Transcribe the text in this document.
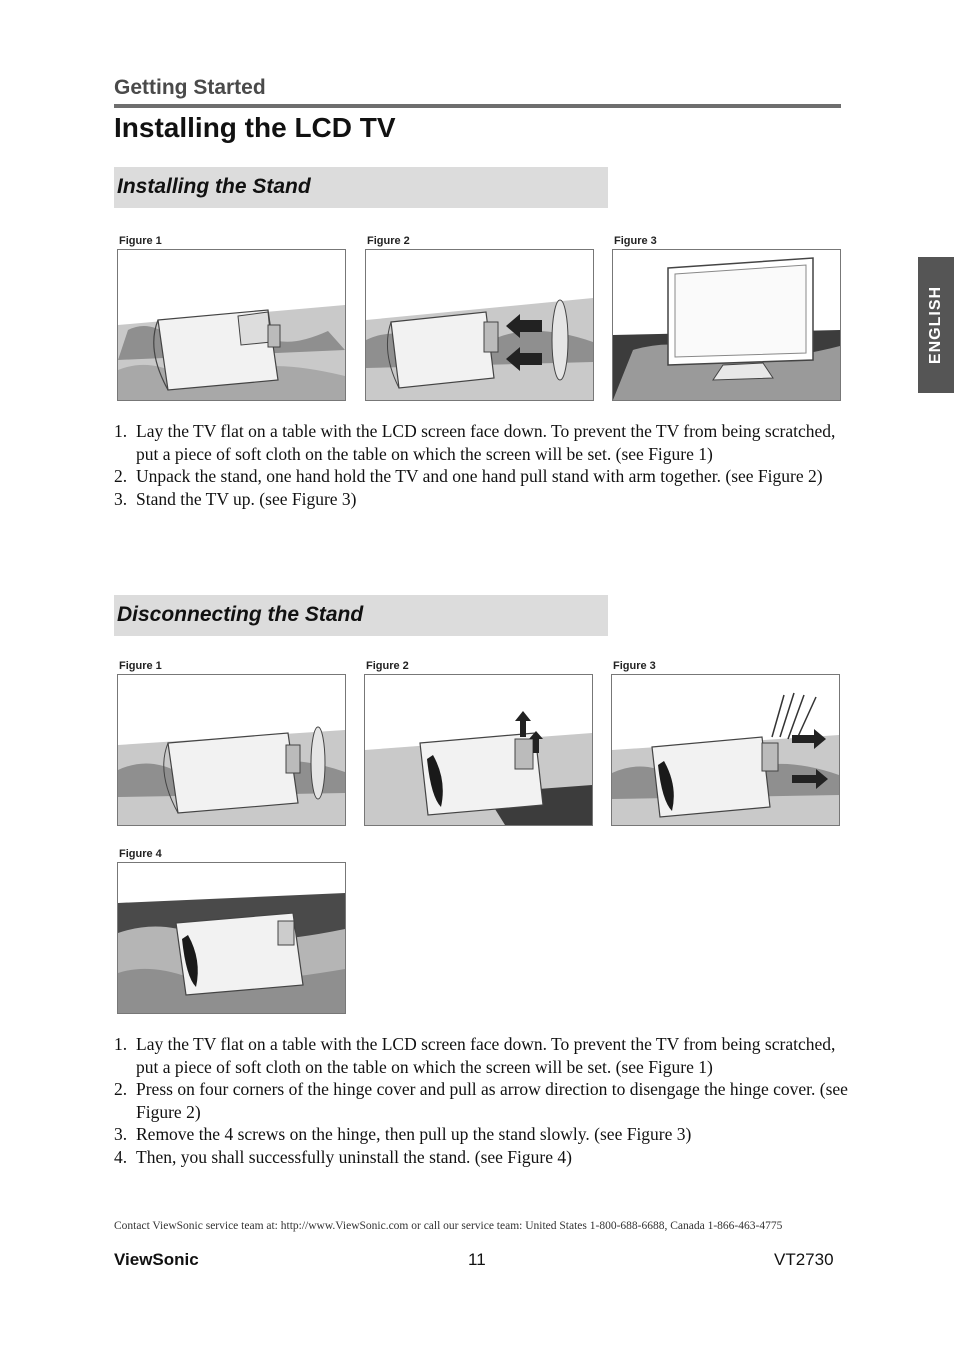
Getting Started
Installing the LCD TV
ENGLISH
Installing the Stand
Figure 1	Figure 2	Figure 3
1. Lay the TV flat on a table with the LCD screen face down. To prevent the TV from being scratched, put a piece of soft cloth on the table on which the screen will be set. (see Figure 1)
2. Unpack the stand, one hand hold the TV and one hand pull stand with arm together. (see Figure 2)
3. Stand the TV up. (see Figure 3)
Disconnecting the Stand
Figure 1	Figure 2	Figure 3
Figure 4
1. Lay the TV flat on a table with the LCD screen face down. To prevent the TV from being scratched, put a piece of soft cloth on the table on which the screen will be set. (see Figure 1)
2. Press on four corners of the hinge cover and pull as arrow direction to disengage the hinge cover. (see Figure 2)
3. Remove the 4 screws on the hinge, then pull up the stand slowly. (see Figure 3)
4. Then, you shall successfully uninstall the stand. (see Figure 4)
Contact ViewSonic service team at: http://www.ViewSonic.com or call our service team: United States 1-800-688-6688, Canada 1-866-463-4775
ViewSonic	11	VT2730
